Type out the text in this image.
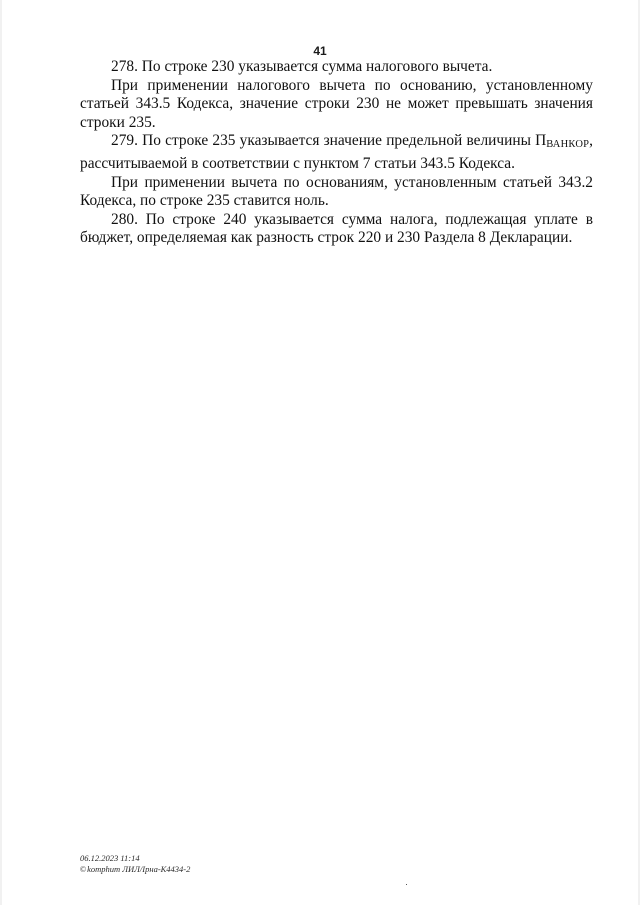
41

278. По строке 230 указывается сумма налогового вычета.

При применении налогового вычета по основанию, установленному статьей 343.5 Кодекса, значение строки 230 не может превышать значения строки 235.

279. По строке 235 указывается значение предельной величины ПВАНКОР, рассчитываемой в соответствии с пунктом 7 статьи 343.5 Кодекса.

При применении вычета по основаниям, установленным статьей 343.2 Кодекса, по строке 235 ставится ноль.

280. По строке 240 указывается сумма налога, подлежащая уплате в бюджет, определяемая как разность строк 220 и 230 Раздела 8 Декларации.

06.12.2023 11:14
©komphum ЛИЛ/Iрна-К4434-2
